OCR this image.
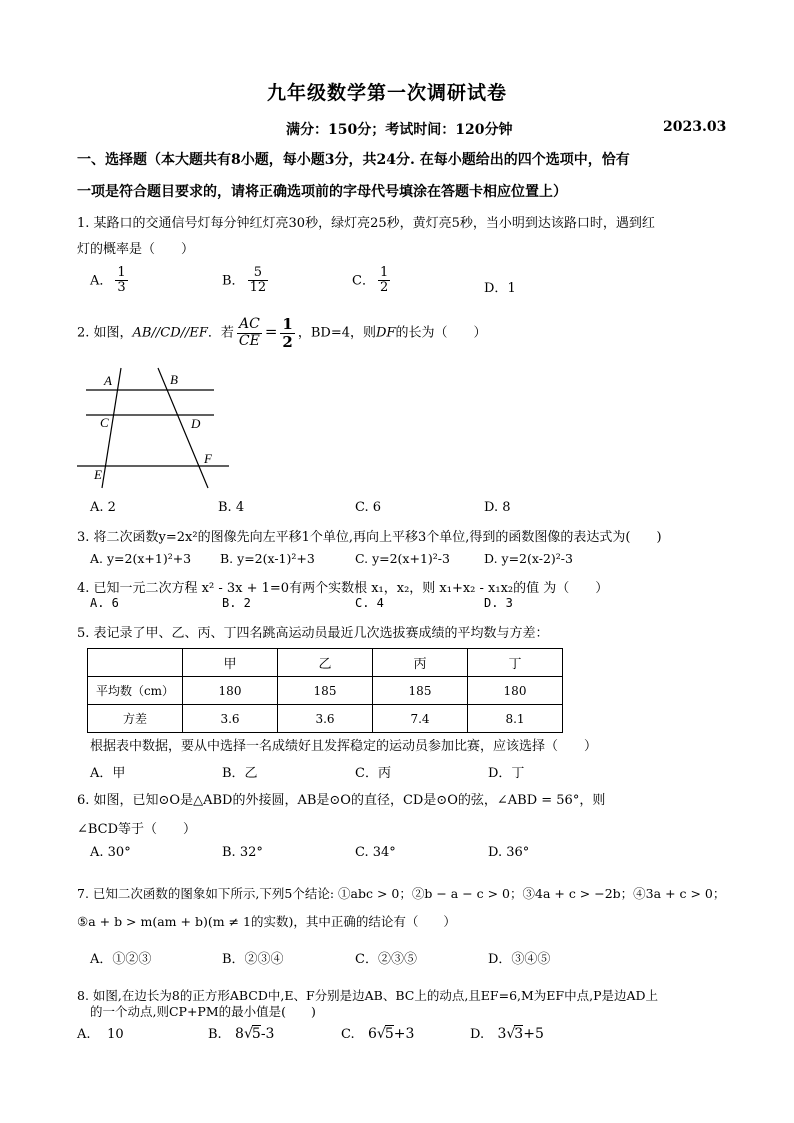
九年级数学第一次调研试卷
满分：150分；考试时间：120分钟	2023.03
一、选择题（本大题共有8小题，每小题3分，共24分. 在每小题给出的四个选项中，恰有
一项是符合题目要求的，请将正确选项前的字母代号填涂在答题卡相应位置上）
1. 某路口的交通信号灯每分钟红灯亮30秒，绿灯亮25秒，黄灯亮5秒，当小明到达该路口时，遇到红
灯的概率是（　　）
A． $\frac{1}{3}$	B． $\frac{5}{12}$	C． $\frac{1}{2}$	D．1
2. 如图，AB//CD//EF．若 $\frac{AC}{CE} = \frac{1}{2}$ ，BD=4，则DF的长为（　　）
A	B
C	D
E
F
A. 2	B. 4	C. 6	D. 8
3. 将二次函数y=2x²的图像先向左平移1个单位,再向上平移3个单位,得到的函数图像的表达式为(　　)
A. y=2(x+1)²+3 B. y=2(x-1)²+3	C. y=2(x+1)²-3	D. y=2(x-2)²-3
4. 已知一元二次方程 x² - 3x + 1=0有两个实数根 x₁，x₂，则 x₁+x₂ - x₁x₂的值 为（　　）
A. 6	B. 2	C. 4	D. 3
5. 表记录了甲、乙、丙、丁四名跳高运动员最近几次选拔赛成绩的平均数与方差：
	甲	乙	丙	丁
平均数（cm）	180	185	185	180
方差	3.6	3.6	7.4	8.1
根据表中数据，要从中选择一名成绩好且发挥稳定的运动员参加比赛，应该选择（　　）
A．甲	B．乙	C．丙	D．丁
6. 如图，已知⊙O是△ABD的外接圆，AB是⊙O的直径，CD是⊙O的弦，∠ABD = 56°，则
∠BCD等于（　　）
A. 30°	B. 32°	C. 34°	D. 36°
7. 已知二次函数的图象如下所示,下列5个结论: ①abc > 0；②b − a − c > 0；③4a + c > −2b；④3a + c > 0；
⑤a + b > m(am + b)(m ≠ 1的实数)，其中正确的结论有（　　）
A．①②③	B．②③④	C．②③⑤	D．③④⑤
8. 如图,在边长为8的正方形ABCD中,E、F分别是边AB、BC上的动点,且EF=6,M为EF中点,P是边AD上
的一个动点,则CP+PM的最小值是(　　)
A. 10	B. 8√5-3	C. 6√5+3	D. 3√3+5
